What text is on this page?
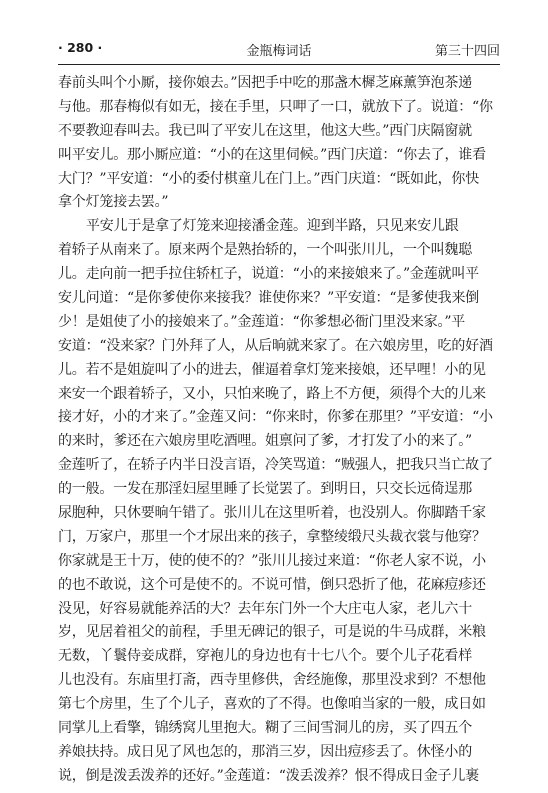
· 280 ·	金瓶梅词话	第三十四回

春前头叫个小厮，接你娘去。”因把手中吃的那盏木樨芝麻薰笋泡茶递
与他。那春梅似有如无，接在手里，只呷了一口，就放下了。说道：“你
不要教迎春叫去。我已叫了平安儿在这里，他这大些。”西门庆隔窗就
叫平安儿。那小厮应道：“小的在这里伺候。”西门庆道：“你去了，谁看
大门？”平安道：“小的委付棋童儿在门上。”西门庆道：“既如此，你快
拿个灯笼接去罢。”

平安儿于是拿了灯笼来迎接潘金莲。迎到半路，只见来安儿跟
着轿子从南来了。原来两个是熟抬轿的，一个叫张川儿，一个叫魏聪
儿。走向前一把手拉住轿杠子，说道：“小的来接娘来了。”金莲就叫平
安儿问道：“是你爹使你来接我？谁使你来？”平安道：“是爹使我来倒
少！是姐使了小的接娘来了。”金莲道：“你爹想必衙门里没来家。”平
安道：“没来家？门外拜了人，从后晌就来家了。在六娘房里，吃的好酒
儿。若不是姐旋叫了小的进去，催逼着拿灯笼来接娘，还早哩！小的见
来安一个跟着轿子，又小，只怕来晚了，路上不方便，须得个大的儿来
接才好，小的才来了。”金莲又问：“你来时，你爹在那里？”平安道：“小
的来时，爹还在六娘房里吃酒哩。姐禀问了爹，才打发了小的来了。”
金莲听了，在轿子内半日没言语，冷笑骂道：“贼强人，把我只当亡故了
的一般。一发在那淫妇屋里睡了长觉罢了。到明日，只交长远倚逞那
尿胞种，只休要晌午错了。张川儿在这里听着，也没别人。你脚踏千家
门，万家户，那里一个才尿出来的孩子，拿整绫缎尺头裁衣裳与他穿？
你家就是王十万，使的使不的？”张川儿接过来道：“你老人家不说，小
的也不敢说，这个可是使不的。不说可惜，倒只恐折了他，花麻痘疹还
没见，好容易就能养活的大？去年东门外一个大庄屯人家，老儿六十
岁，见居着祖父的前程，手里无碑记的银子，可是说的牛马成群，米粮
无数，丫鬟侍妾成群，穿袍儿的身边也有十七八个。要个儿子花看样
儿也没有。东庙里打斋，西寺里修供，舍经施像，那里没求到？不想他
第七个房里，生了个儿子，喜欢的了不得。也像咱当家的一般，成日如
同掌儿上看擎，锦绣窝儿里抱大。糊了三间雪洞儿的房，买了四五个
养娘扶持。成日见了风也怎的，那消三岁，因出痘疹丢了。休怪小的
说，倒是泼丢泼养的还好。”金莲道：“泼丢泼养？恨不得成日金子儿裹
